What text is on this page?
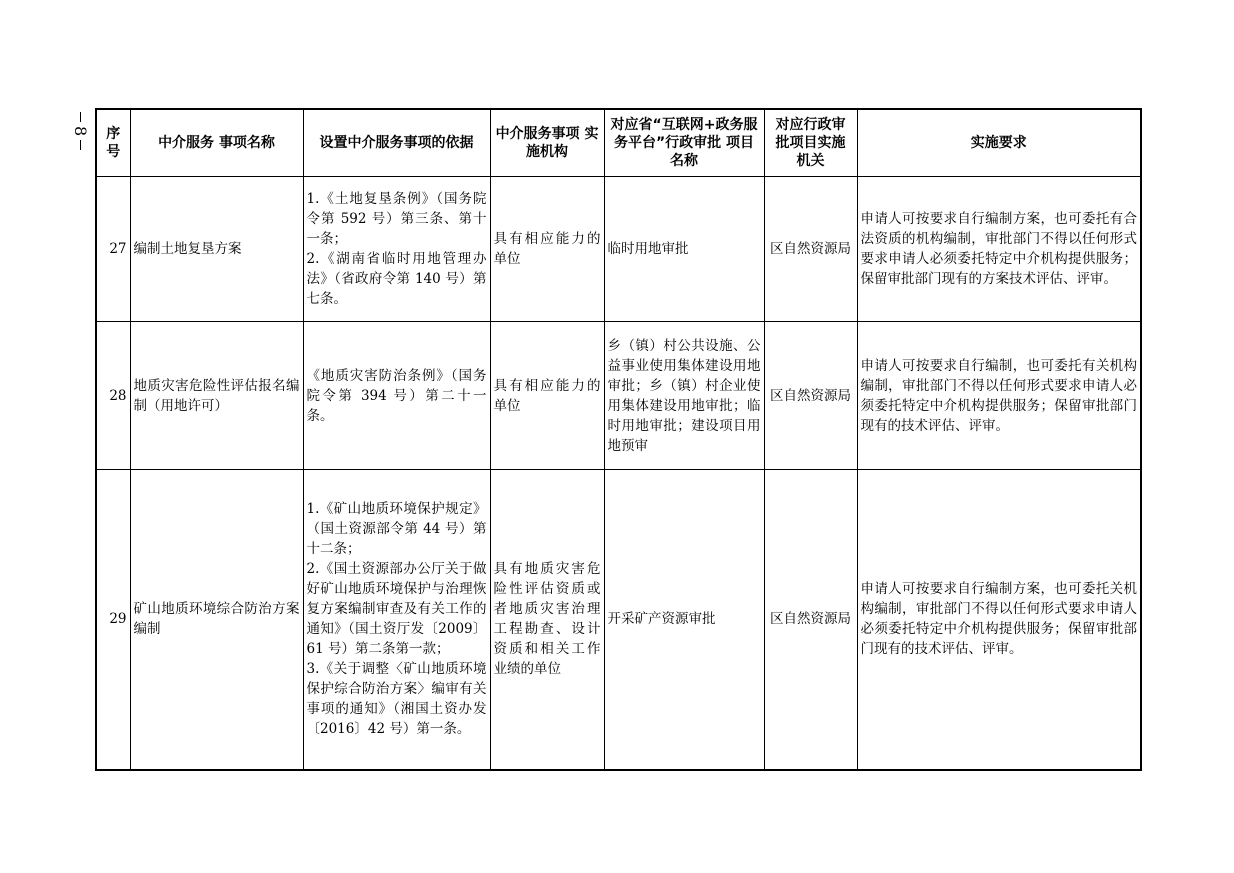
8 序号	中介服务 事项名称	设置中介服务事项的依据	中介服务事项 实施机构	对应省“互联网+政务服 务平台”行政审批 项目名称	对应行政审 批项目实施 机关	实施要求
27	编制土地复垦方案	1.《土地复垦条例》（国务院令第 592 号）第三条、第十一条；
2.《湖南省临时用地管理办法》（省政府令第 140 号）第七条。	具有相应能力的单位	临时用地审批	区自然资源局	申请人可按要求自行编制方案，也可委托有合法资质的机构编制，审批部门不得以任何形式要求申请人必须委托特定中介机构提供服务；保留审批部门现有的方案技术评估、评审。
28	地质灾害危险性评估报名编制（用地许可）	《地质灾害防治条例》（国务院令第 394 号）第二十一条。	具有相应能力的单位	乡（镇）村公共设施、公益事业使用集体建设用地审批；乡（镇）村企业使用集体建设用地审批；临时用地审批；建设项目用地预审	区自然资源局	申请人可按要求自行编制，也可委托有关机构编制，审批部门不得以任何形式要求申请人必须委托特定中介机构提供服务；保留审批部门现有的技术评估、评审。
29	矿山地质环境综合防治方案编制	1.《矿山地质环境保护规定》（国土资源部令第 44 号）第十二条；
2.《国土资源部办公厅关于做好矿山地质环境保护与治理恢复方案编制审查及有关工作的通知》（国土资厅发〔2009〕61 号）第二条第一款；
3.《关于调整〈矿山地质环境保护综合防治方案〉编审有关事项的通知》（湘国土资办发〔2016〕42 号）第一条。	具有地质灾害危险性评估资质或者地质灾害治理工程勘查、设计资质和相关工作业绩的单位	开采矿产资源审批	区自然资源局	申请人可按要求自行编制方案，也可委托关机构编制，审批部门不得以任何形式要求申请人必须委托特定中介机构提供服务；保留审批部门现有的技术评估、评审。
